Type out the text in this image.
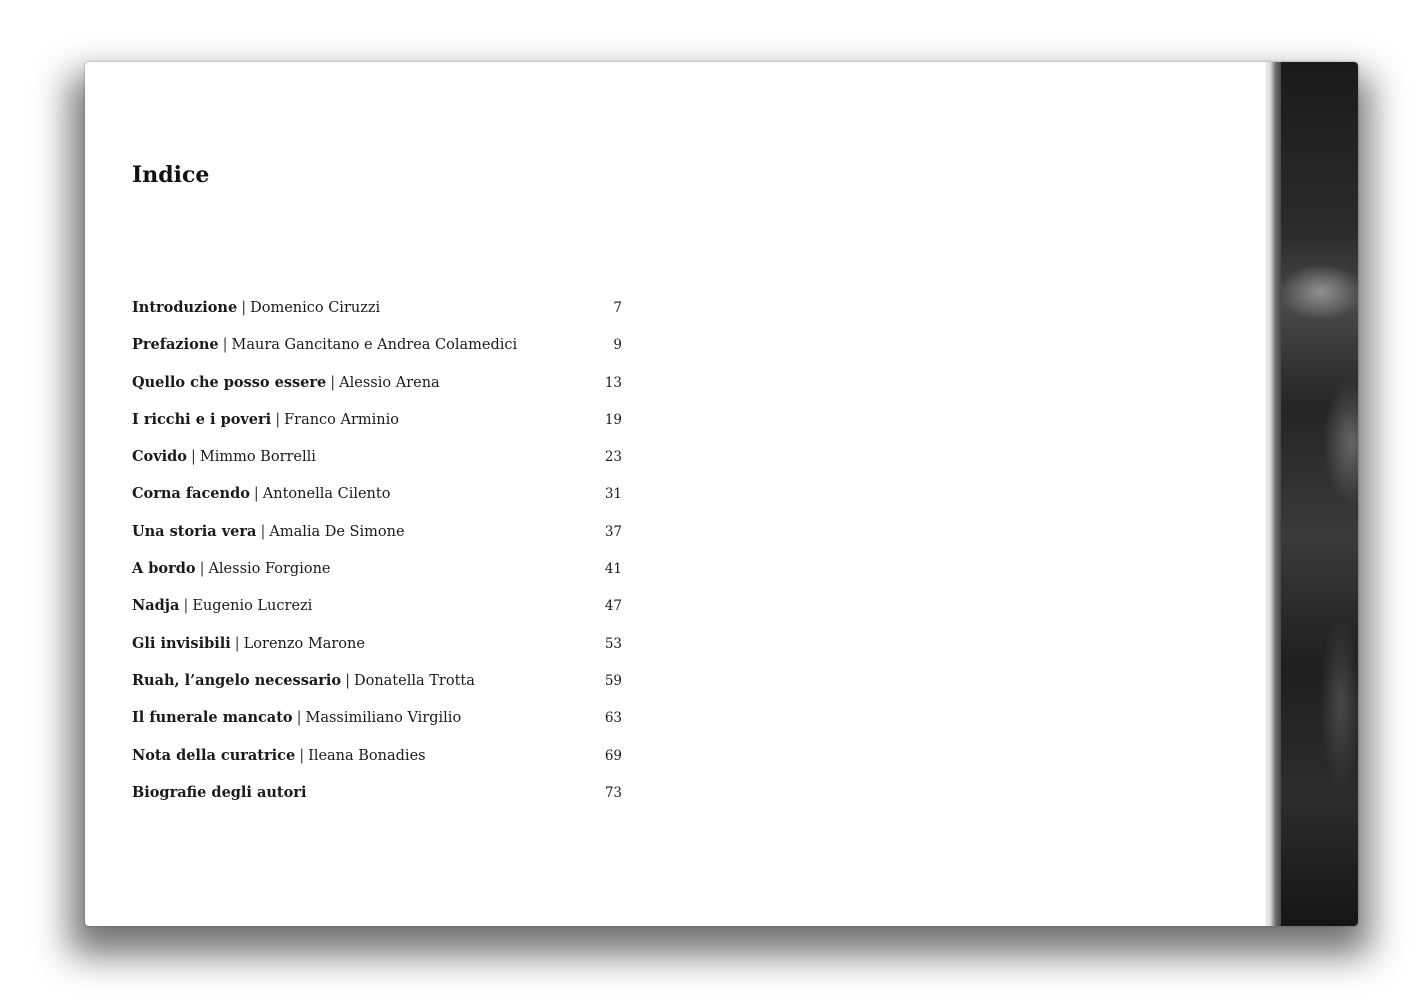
Indice
Introduzione | Domenico Ciruzzi	7
Prefazione | Maura Gancitano e Andrea Colamedici	9
Quello che posso essere | Alessio Arena	13
I ricchi e i poveri | Franco Arminio	19
Covido | Mimmo Borrelli	23
Corna facendo | Antonella Cilento	31
Una storia vera | Amalia De Simone	37
A bordo | Alessio Forgione	41
Nadja | Eugenio Lucrezi	47
Gli invisibili | Lorenzo Marone	53
Ruah, l’angelo necessario | Donatella Trotta	59
Il funerale mancato | Massimiliano Virgilio	63
Nota della curatrice | Ileana Bonadies	69
Biografie degli autori	73
